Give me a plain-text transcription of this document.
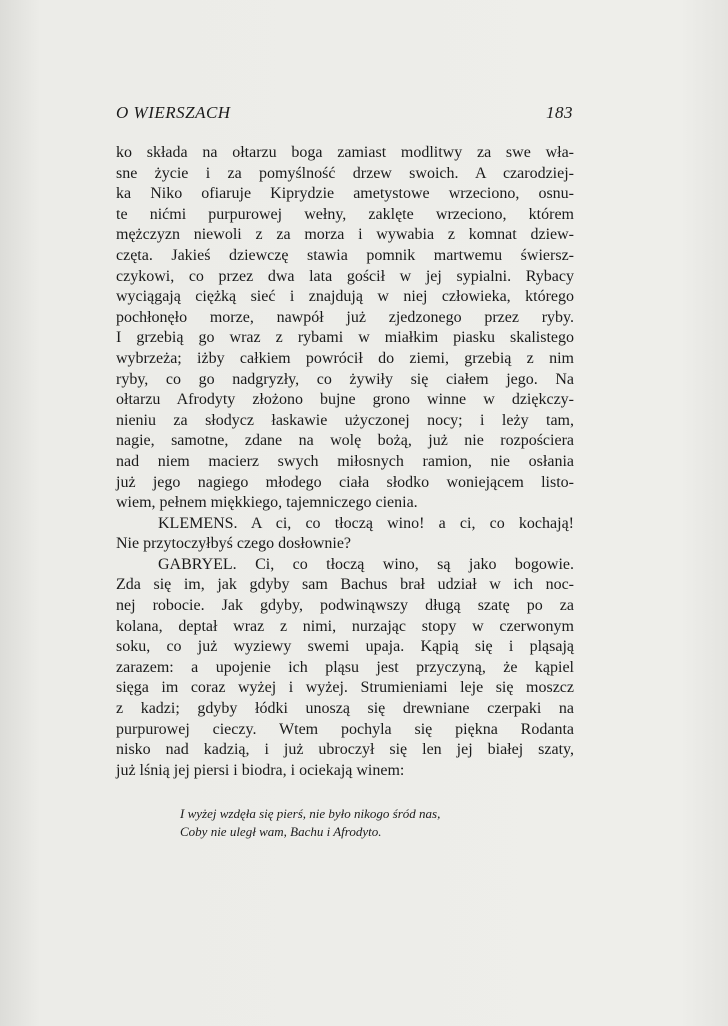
O WIERSZACH	183
ko składa na ołtarzu boga zamiast modlitwy za swe wła-
sne życie i za pomyślność drzew swoich. A czarodziej-
ka Niko ofiaruje Kiprydzie ametystowe wrzeciono, osnu-
te nićmi purpurowej wełny, zaklęte wrzeciono, którem
mężczyzn niewoli z za morza i wywabia z komnat dziew-
częta. Jakieś dziewczę stawia pomnik martwemu świersz-
czykowi, co przez dwa lata gościł w jej sypialni. Rybacy
wyciągają ciężką sieć i znajdują w niej człowieka, którego
pochłonęło morze, nawpół już zjedzonego przez ryby.
I grzebią go wraz z rybami w miałkim piasku skalistego
wybrzeża; iżby całkiem powrócił do ziemi, grzebią z nim
ryby, co go nadgryzły, co żywiły się ciałem jego. Na
ołtarzu Afrodyty złożono bujne grono winne w dziękczy-
nieniu za słodycz łaskawie użyczonej nocy; i leży tam,
nagie, samotne, zdane na wolę bożą, już nie rozpościera
nad niem macierz swych miłosnych ramion, nie osłania
już jego nagiego młodego ciała słodko woniejącem listo-
wiem, pełnem miękkiego, tajemniczego cienia.
KLEMENS. A ci, co tłoczą wino! a ci, co kochają!
Nie przytoczyłbyś czego dosłownie?
GABRYEL. Ci, co tłoczą wino, są jako bogowie.
Zda się im, jak gdyby sam Bachus brał udział w ich noc-
nej robocie. Jak gdyby, podwinąwszy długą szatę po za
kolana, deptał wraz z nimi, nurzając stopy w czerwonym
soku, co już wyziewy swemi upaja. Kąpią się i pląsają
zarazem: a upojenie ich pląsu jest przyczyną, że kąpiel
sięga im coraz wyżej i wyżej. Strumieniami leje się moszcz
z kadzi; gdyby łódki unoszą się drewniane czerpaki na
purpurowej cieczy. Wtem pochyla się piękna Rodanta
nisko nad kadzią, i już ubroczył się len jej białej szaty,
już lśnią jej piersi i biodra, i ociekają winem:
I wyżej wzdęła się pierś, nie było nikogo śród nas,
Coby nie uległ wam, Bachu i Afrodyto.
